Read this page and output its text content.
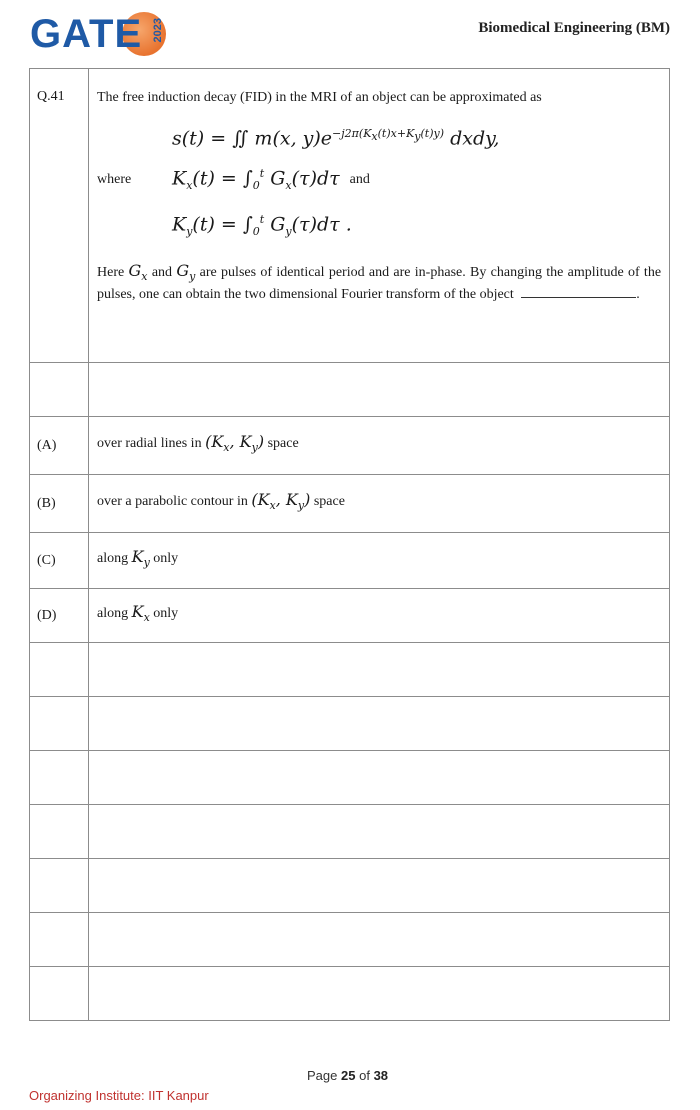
GATE 2023	Biomedical Engineering (BM)
Q.41	The free induction decay (FID) in the MRI of an object can be approximated as
s(t) = ∬ m(x, $y)e^{-j2\pi(K_x(t)x+K_y(t)y)}$ dxdy,
where	$K_x(t) = \int_0^t$ $G_x(\tau)d\tau$ and
$K_y(t) = \int_0^t$ $G_y(\tau)d\tau$ .
Here $G_x$ and $G_y$ are pulses of identical period and are in-phase. By changing the amplitude of the pulses, one can obtain the two dimensional Fourier transform of the object	.

(A)	over radial lines in ($K_x$, $K_y$) space
(B)	over a parabolic contour in ($K_x$, $K_y$) space
(C)	along $K_y$ only
(D)	along $K_x$ only

Page 25 of 38
Organizing Institute: IIT Kanpur
